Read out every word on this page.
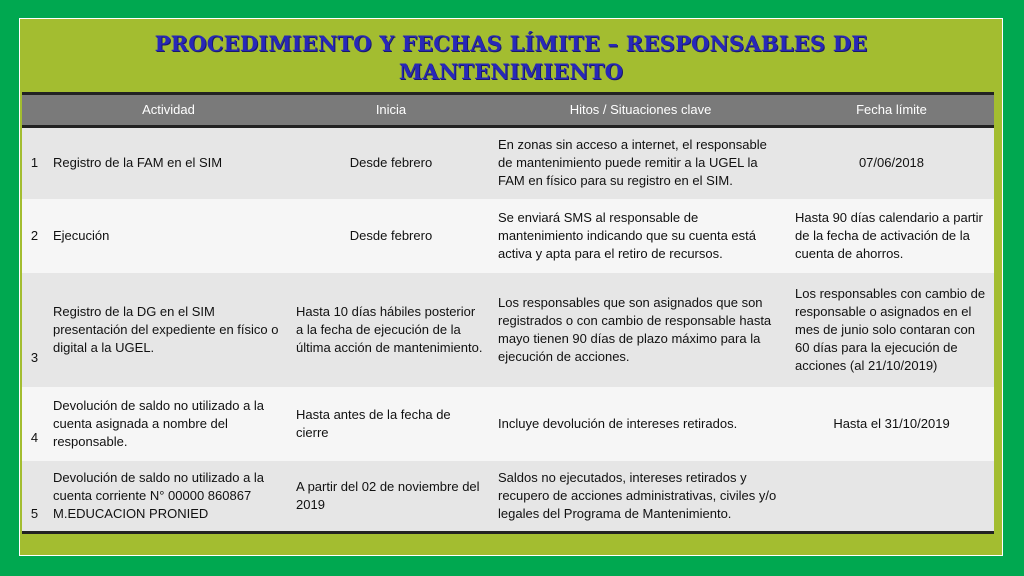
PROCEDIMIENTO Y FECHAS LÍMITE – RESPONSABLES DE
MANTENIMIENTO
	Actividad	Inicia	Hitos / Situaciones clave	Fecha límite
1	Registro de la FAM en el SIM	Desde febrero	En zonas sin acceso a internet, el responsable de mantenimiento puede remitir a la UGEL la FAM en físico para su registro en el SIM.	07/06/2018
2	Ejecución	Desde febrero	Se enviará SMS al responsable de mantenimiento indicando que su cuenta está activa y apta para el retiro de recursos.	Hasta 90 días calendario a partir de la fecha de activación de la cuenta de ahorros.
3	Registro de la DG en el SIM presentación del expediente en físico o digital a la UGEL.	Hasta 10 días hábiles posterior a la fecha de ejecución de la última acción de mantenimiento.	Los responsables que son asignados que son registrados o con cambio de responsable hasta mayo tienen 90 días de plazo máximo para la ejecución de acciones.	Los responsables con cambio de responsable o asignados en el mes de junio solo contaran con 60 días para la ejecución de acciones (al 21/10/2019)
4	Devolución de saldo no utilizado a la cuenta asignada a nombre del responsable.	Hasta antes de la fecha de cierre	Incluye devolución de intereses retirados.	Hasta el 31/10/2019
5	Devolución de saldo no utilizado a la cuenta corriente N° 00000 860867 M.EDUCACION PRONIED	A partir del 02 de noviembre del 2019	Saldos no ejecutados, intereses retirados y recupero de acciones administrativas, civiles y/o legales del Programa de Mantenimiento.	
